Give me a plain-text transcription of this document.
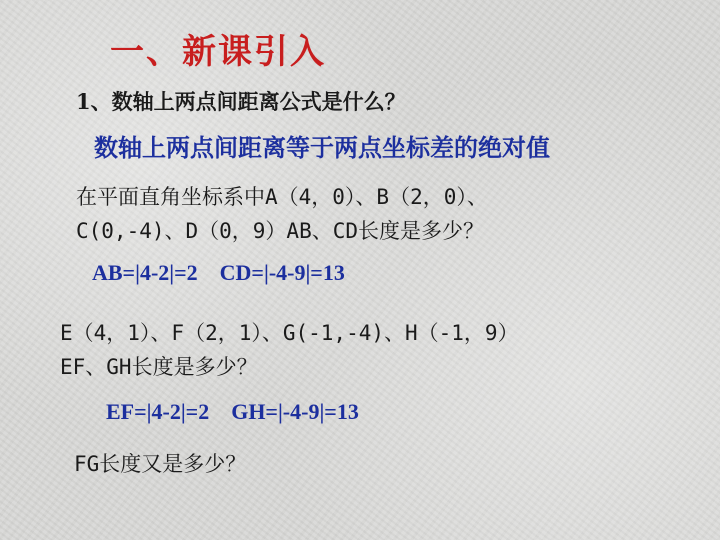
一、新课引入

1、数轴上两点间距离公式是什么？

数轴上两点间距离等于两点坐标差的绝对值

在平面直角坐标系中A（4，0）、B（2，0）、
C(0,-4)、D（0，9）AB、CD长度是多少？
AB=|4-2|=2 CD=|-4-9|=13
E（4，1）、F（2，1）、G(-1,-4)、H（-1，9）
EF、GH长度是多少？
EF=|4-2|=2 GH=|-4-9|=13

FG长度又是多少？
